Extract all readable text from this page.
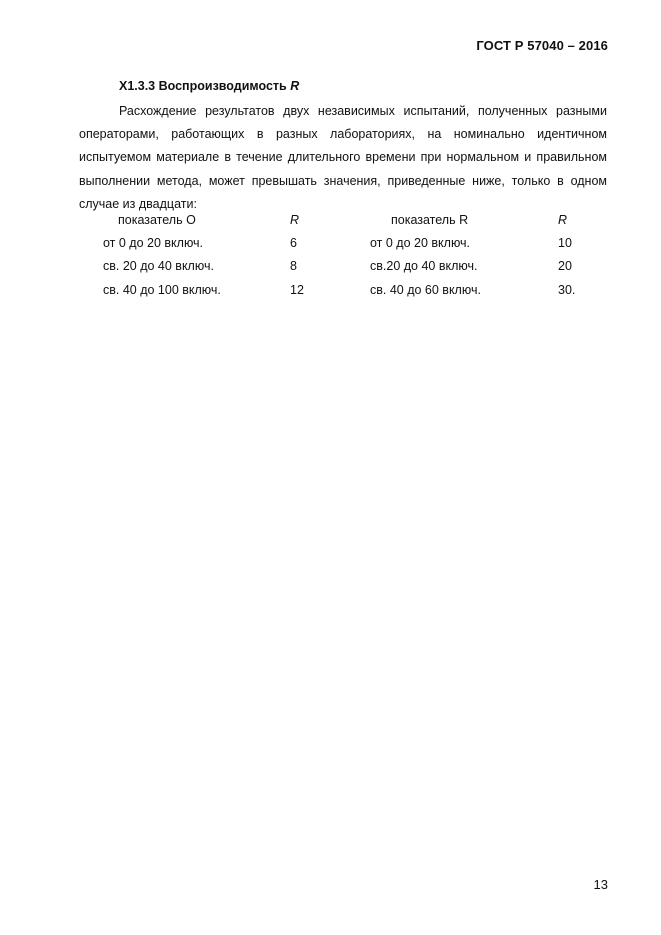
ГОСТ Р 57040 – 2016
Х1.3.3 Воспроизводимость R

Расхождение результатов двух независимых испытаний, полученных разными операторами, работающих в разных лабораториях, на номинально идентичном испытуемом материале в течение длительного времени при нормальном и правильном выполнении метода, может превышать значения, приведенные ниже, только в одном случае из двадцати:

показатель О	R	показатель R	R
от 0 до 20 включ.	6	от 0 до 20 включ.	10
св. 20 до 40 включ.	8	св.20 до 40 включ.	20
св. 40 до 100 включ.	12	св. 40 до 60 включ.	30.
13
